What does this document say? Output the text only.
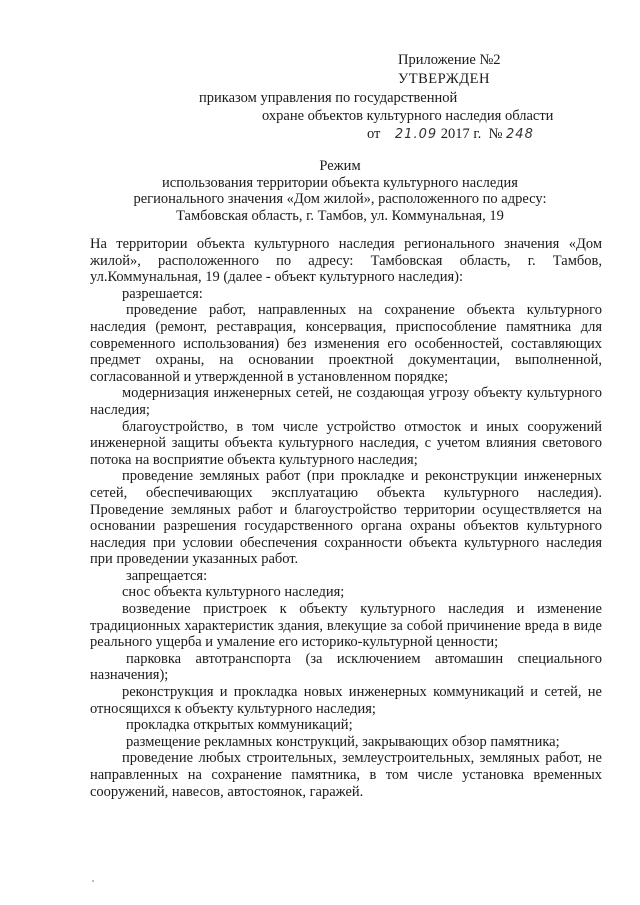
Приложение №2
УТВЕРЖДЕН
приказом управления по государственной
охране объектов культурного наследия области
от 21.09 2017 г. № 248
Режим
использования территории объекта культурного наследия
регионального значения «Дом жилой», расположенного по адресу:
Тамбовская область, г. Тамбов, ул. Коммунальная, 19

На территории объекта культурного наследия регионального значения «Дом жилой», расположенного по адресу: Тамбовская область, г. Тамбов, ул.Коммунальная, 19 (далее - объект культурного наследия):

разрешается:

проведение работ, направленных на сохранение объекта культурного наследия (ремонт, реставрация, консервация, приспособление памятника для современного использования) без изменения его особенностей, составляющих предмет охраны, на основании проектной документации, выполненной, согласованной и утвержденной в установленном порядке;

модернизация инженерных сетей, не создающая угрозу объекту культурного наследия;

благоустройство, в том числе устройство отмосток и иных сооружений инженерной защиты объекта культурного наследия, с учетом влияния светового потока на восприятие объекта культурного наследия;

проведение земляных работ (при прокладке и реконструкции инженерных сетей, обеспечивающих эксплуатацию объекта культурного наследия). Проведение земляных работ и благоустройство территории осуществляется на основании разрешения государственного органа охраны объектов культурного наследия при условии обеспечения сохранности объекта культурного наследия при проведении указанных работ.

запрещается:

снос объекта культурного наследия;

возведение пристроек к объекту культурного наследия и изменение традиционных характеристик здания, влекущие за собой причинение вреда в виде реального ущерба и умаление его историко-культурной ценности;

парковка автотранспорта (за исключением автомашин специального назначения);

реконструкция и прокладка новых инженерных коммуникаций и сетей, не относящихся к объекту культурного наследия;

прокладка открытых коммуникаций;

размещение рекламных конструкций, закрывающих обзор памятника;

проведение любых строительных, землеустроительных, земляных работ, не направленных на сохранение памятника, в том числе установка временных сооружений, навесов, автостоянок, гаражей.
